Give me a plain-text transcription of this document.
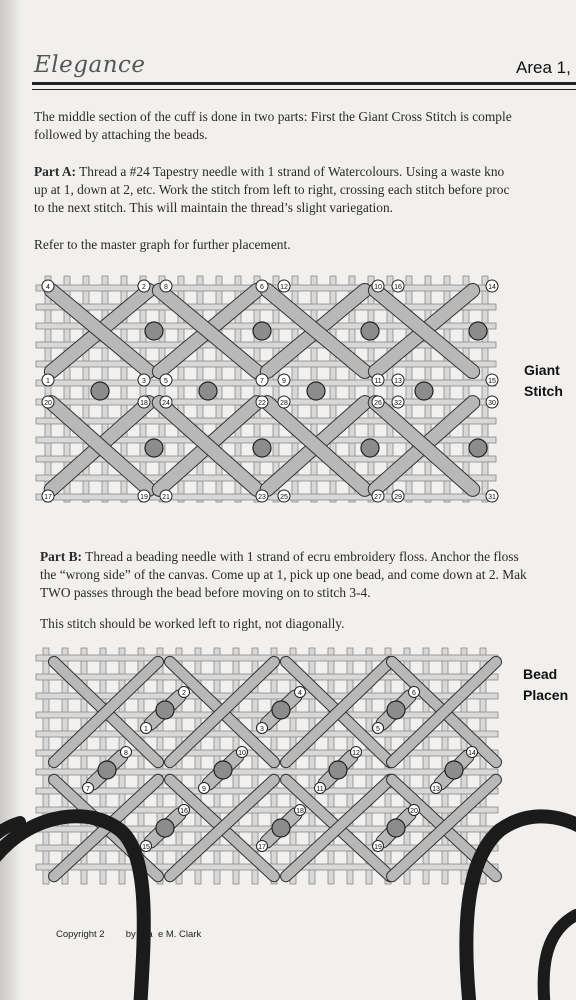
Elegance	Area 1,
The middle section of the cuff is done in two parts: First the Giant Cross Stitch is comple
followed by attaching the beads.
Part A: Thread a #24 Tapestry needle with 1 strand of Watercolours. Using a waste kno
up at 1, down at 2, etc. Work the stitch from left to right, crossing each stitch before proc
to the next stitch. This will maintain the thread’s slight variegation.
Refer to the master graph for further placement.
4	2	8	6 12	10 16	14
1	3	5	7	9	11 13	15
20	18 24	22 28	26 32	30
17	19 21	23 25	27 29	31
Giant
Stitch
Part B: Thread a beading needle with 1 strand of ecru embroidery floss. Anchor the floss
the “wrong side” of the canvas. Come up at 1, pick up one bead, and come down at 2. Mak
TWO passes through the bead before moving on to stitch 3-4.
This stitch should be worked left to right, not diagonally.
1
2
3
4
5
6
7
8
9
10
11
12
13
14
15
16
17
18
19
20
Bead
Placen
Copyright 2 by Dia e M. Clark
